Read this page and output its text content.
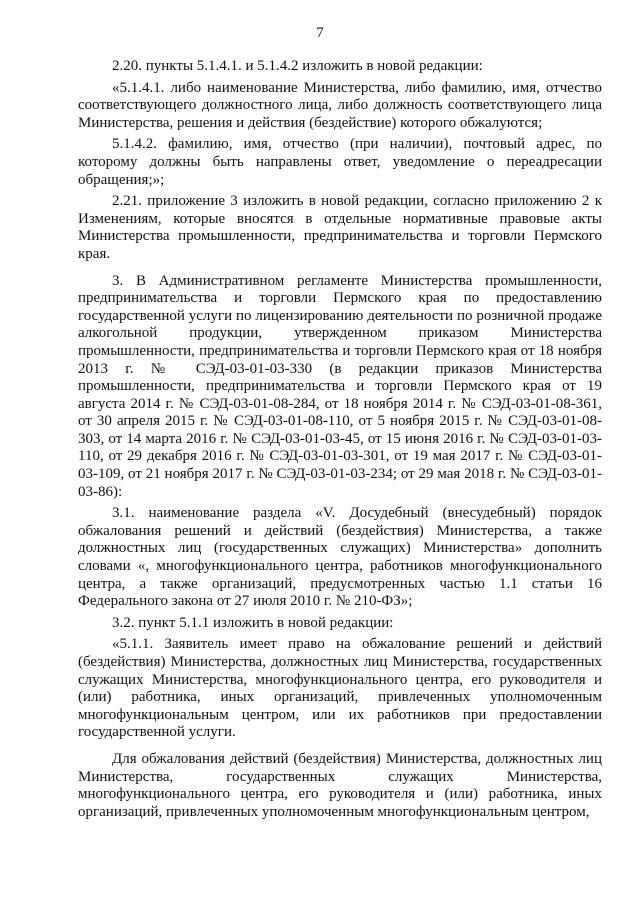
7

2.20. пункты 5.1.4.1. и 5.1.4.2 изложить в новой редакции:

«5.1.4.1. либо наименование Министерства, либо фамилию, имя, отчество соответствующего должностного лица, либо должность соответствующего лица Министерства, решения и действия (бездействие) которого обжалуются;

5.1.4.2. фамилию, имя, отчество (при наличии), почтовый адрес, по которому должны быть направлены ответ, уведомление о переадресации обращения;»;

2.21. приложение 3 изложить в новой редакции, согласно приложению 2 к Изменениям, которые вносятся в отдельные нормативные правовые акты Министерства промышленности, предпринимательства и торговли Пермского края.

3. В Административном регламенте Министерства промышленности, предпринимательства и торговли Пермского края по предоставлению государственной услуги по лицензированию деятельности по розничной продаже алкогольной продукции, утвержденном приказом Министерства промышленности, предпринимательства и торговли Пермского края от 18 ноября 2013 г. № СЭД-03-01-03-330 (в редакции приказов Министерства промышленности, предпринимательства и торговли Пермского края от 19 августа 2014 г. № СЭД-03-01-08-284, от 18 ноября 2014 г. № СЭД-03-01-08-361, от 30 апреля 2015 г. № СЭД-03-01-08-110, от 5 ноября 2015 г. № СЭД-03-01-08-303, от 14 марта 2016 г. № СЭД-03-01-03-45, от 15 июня 2016 г. № СЭД-03-01-03-110, от 29 декабря 2016 г. № СЭД-03-01-03-301, от 19 мая 2017 г. № СЭД-03-01-03-109, от 21 ноября 2017 г. № СЭД-03-01-03-234; от 29 мая 2018 г. № СЭД-03-01-03-86):

3.1. наименование раздела «V. Досудебный (внесудебный) порядок обжалования решений и действий (бездействия) Министерства, а также должностных лиц (государственных служащих) Министерства» дополнить словами «, многофункционального центра, работников многофункционального центра, а также организаций, предусмотренных частью 1.1 статьи 16 Федерального закона от 27 июля 2010 г. № 210-ФЗ»;

3.2. пункт 5.1.1 изложить в новой редакции:

«5.1.1. Заявитель имеет право на обжалование решений и действий (бездействия) Министерства, должностных лиц Министерства, государственных служащих Министерства, многофункционального центра, его руководителя и (или) работника, иных организаций, привлеченных уполномоченным многофункциональным центром, или их работников при предоставлении государственной услуги.

Для обжалования действий (бездействия) Министерства, должностных лиц Министерства, государственных служащих Министерства, многофункционального центра, его руководителя и (или) работника, иных организаций, привлеченных уполномоченным многофункциональным центром,
